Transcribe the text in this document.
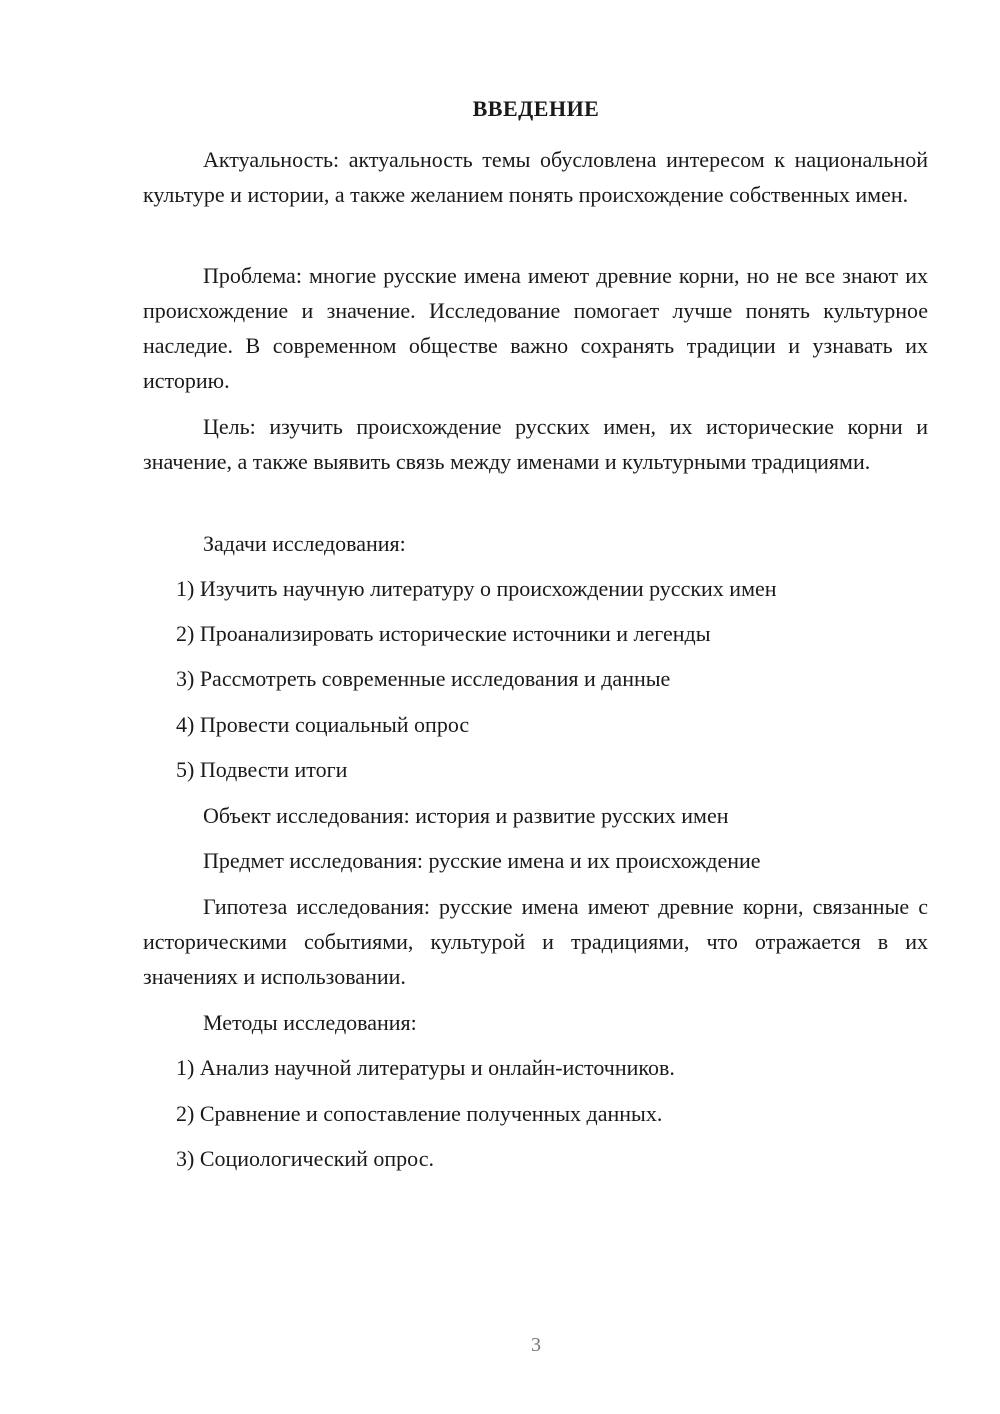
ВВЕДЕНИЕ

Актуальность: актуальность темы обусловлена интересом к национальной культуре и истории, а также желанием понять происхождение собственных имен.

Проблема: многие русские имена имеют древние корни, но не все знают их происхождение и значение. Исследование помогает лучше понять культурное наследие. В современном обществе важно сохранять традиции и узнавать их историю.

Цель: изучить происхождение русских имен, их исторические корни и значение, а также выявить связь между именами и культурными традициями.

Задачи исследования:

1) Изучить научную литературу о происхождении русских имен

2) Проанализировать исторические источники и легенды

3) Рассмотреть современные исследования и данные

4) Провести социальный опрос

5) Подвести итоги

Объект исследования: история и развитие русских имен

Предмет исследования: русские имена и их происхождение

Гипотеза исследования: русские имена имеют древние корни, связанные с историческими событиями, культурой и традициями, что отражается в их значениях и использовании.

Методы исследования:

1) Анализ научной литературы и онлайн-источников.

2) Сравнение и сопоставление полученных данных.

3) Социологический опрос.

3
